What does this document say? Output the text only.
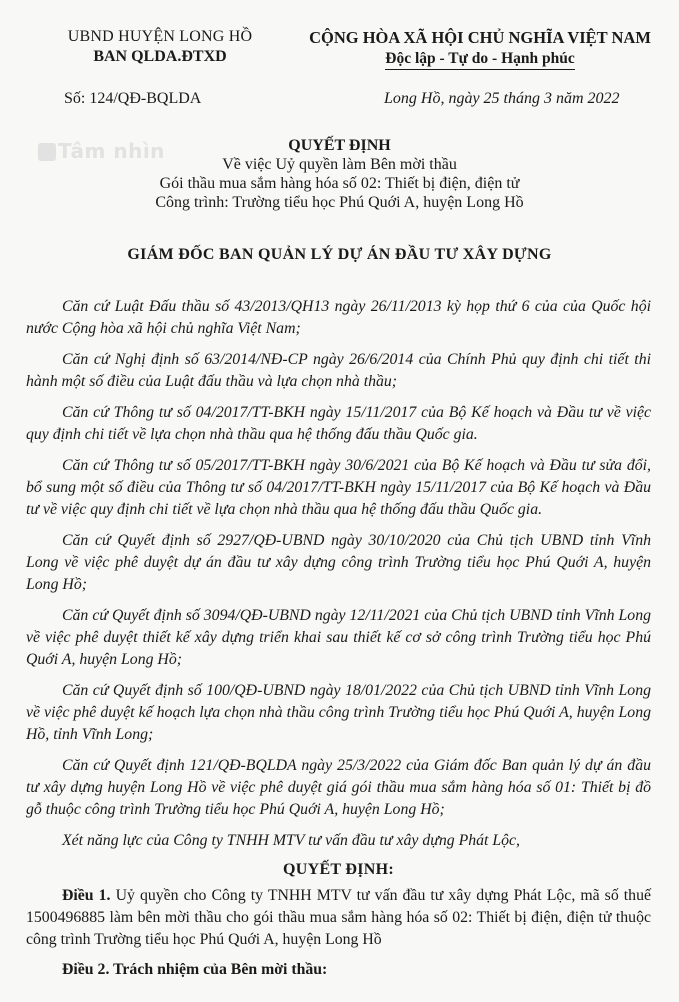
UBND HUYỆN LONG HỒ
BAN QLDA.ĐTXD
CỘNG HÒA XÃ HỘI CHỦ NGHĨA VIỆT NAM
Độc lập - Tự do - Hạnh phúc
Số: 124/QĐ-BQLDA	Long Hồ, ngày 25 tháng 3 năm 2022
Tâm nhìn	QUYẾT ĐỊNH
Về việc Uỷ quyền làm Bên mời thầu
Gói thầu mua sắm hàng hóa số 02: Thiết bị điện, điện tử
Công trình: Trường tiểu học Phú Quới A, huyện Long Hồ
GIÁM ĐỐC BAN QUẢN LÝ DỰ ÁN ĐẦU TƯ XÂY DỰNG

Căn cứ Luật Đấu thầu số 43/2013/QH13 ngày 26/11/2013 kỳ họp thứ 6 của của Quốc hội nước Cộng hòa xã hội chủ nghĩa Việt Nam;

Căn cứ Nghị định số 63/2014/NĐ-CP ngày 26/6/2014 của Chính Phủ quy định chi tiết thi hành một số điều của Luật đấu thầu và lựa chọn nhà thầu;

Căn cứ Thông tư số 04/2017/TT-BKH ngày 15/11/2017 của Bộ Kế hoạch và Đầu tư về việc quy định chi tiết về lựa chọn nhà thầu qua hệ thống đấu thầu Quốc gia.

Căn cứ Thông tư số 05/2017/TT-BKH ngày 30/6/2021 của Bộ Kế hoạch và Đầu tư sửa đổi, bổ sung một số điều của Thông tư số 04/2017/TT-BKH ngày 15/11/2017 của Bộ Kế hoạch và Đầu tư về việc quy định chi tiết về lựa chọn nhà thầu qua hệ thống đấu thầu Quốc gia.

Căn cứ Quyết định số 2927/QĐ-UBND ngày 30/10/2020 của Chủ tịch UBND tỉnh Vĩnh Long về việc phê duyệt dự án đầu tư xây dựng công trình Trường tiểu học Phú Quới A, huyện Long Hồ;

Căn cứ Quyết định số 3094/QĐ-UBND ngày 12/11/2021 của Chủ tịch UBND tỉnh Vĩnh Long về việc phê duyệt thiết kế xây dựng triển khai sau thiết kế cơ sở công trình Trường tiểu học Phú Quới A, huyện Long Hồ;

Căn cứ Quyết định số 100/QĐ-UBND ngày 18/01/2022 của Chủ tịch UBND tỉnh Vĩnh Long về việc phê duyệt kế hoạch lựa chọn nhà thầu công trình Trường tiểu học Phú Quới A, huyện Long Hồ, tỉnh Vĩnh Long;

Căn cứ Quyết định 121/QĐ-BQLDA ngày 25/3/2022 của Giám đốc Ban quản lý dự án đầu tư xây dựng huyện Long Hồ về việc phê duyệt giá gói thầu mua sắm hàng hóa số 01: Thiết bị đồ gỗ thuộc công trình Trường tiểu học Phú Quới A, huyện Long Hồ;

Xét năng lực của Công ty TNHH MTV tư vấn đầu tư xây dựng Phát Lộc,

QUYẾT ĐỊNH:

Điều 1. Uỷ quyền cho Công ty TNHH MTV tư vấn đầu tư xây dựng Phát Lộc, mã số thuế 1500496885 làm bên mời thầu cho gói thầu mua sắm hàng hóa số 02: Thiết bị điện, điện tử thuộc công trình Trường tiểu học Phú Quới A, huyện Long Hồ

Điều 2. Trách nhiệm của Bên mời thầu:
